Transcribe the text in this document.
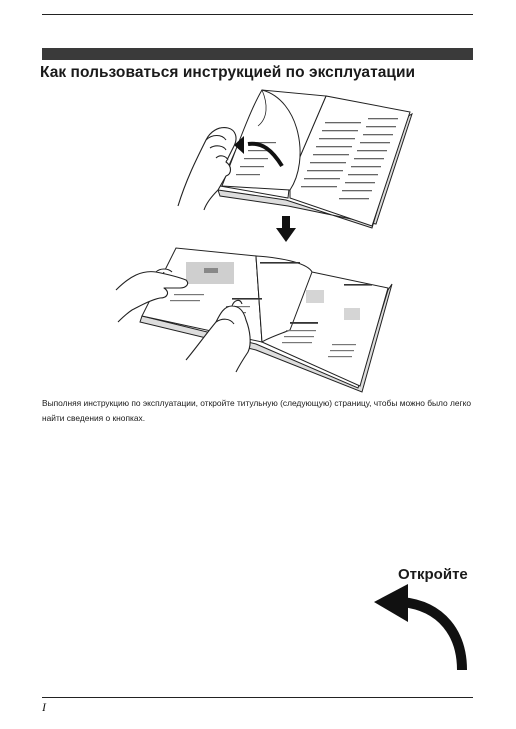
Как пользоваться инструкцией по эксплуатации

Выполняя инструкцию по эксплуатации, откройте титульную (следующую) страницу, чтобы можно было легко найти сведения о кнопках.

Откройте
I
